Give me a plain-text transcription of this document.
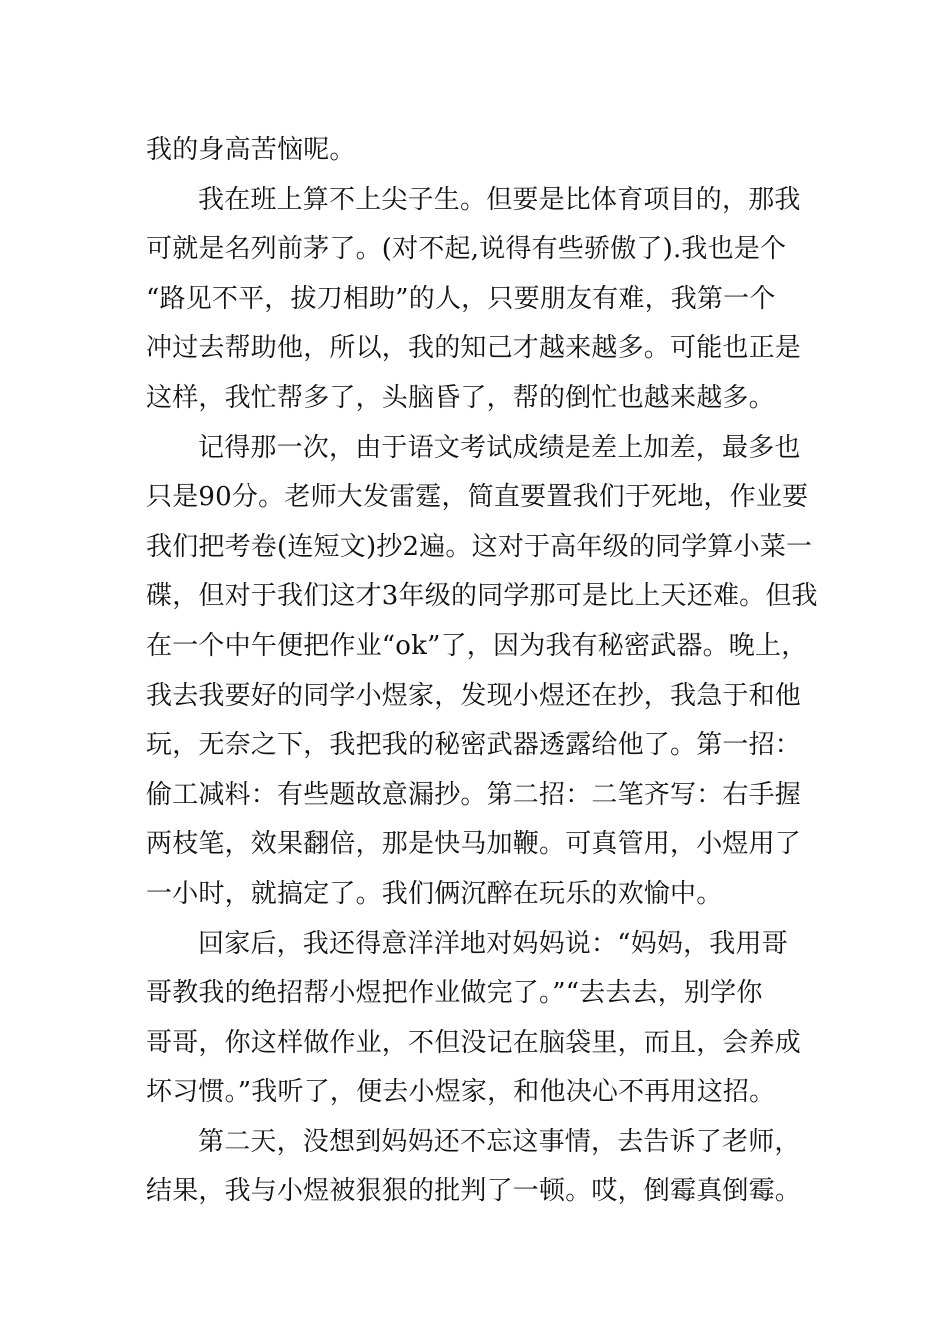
我的身高苦恼呢。
我在班上算不上尖子生。但要是比体育项目的，那我
可就是名列前茅了。(对不起,说得有些骄傲了).我也是个
“路见不平，拔刀相助”的人，只要朋友有难，我第一个
冲过去帮助他，所以，我的知己才越来越多。可能也正是
这样，我忙帮多了，头脑昏了，帮的倒忙也越来越多。
记得那一次，由于语文考试成绩是差上加差，最多也
只是90分。老师大发雷霆，简直要置我们于死地，作业要
我们把考卷(连短文)抄2遍。这对于高年级的同学算小菜一
碟，但对于我们这才3年级的同学那可是比上天还难。但我
在一个中午便把作业“ok”了，因为我有秘密武器。晚上，
我去我要好的同学小煜家，发现小煜还在抄，我急于和他
玩，无奈之下，我把我的秘密武器透露给他了。第一招：
偷工减料：有些题故意漏抄。第二招：二笔齐写：右手握
两枝笔，效果翻倍，那是快马加鞭。可真管用，小煜用了
一小时，就搞定了。我们俩沉醉在玩乐的欢愉中。
回家后，我还得意洋洋地对妈妈说：“妈妈，我用哥
哥教我的绝招帮小煜把作业做完了。”“去去去，别学你
哥哥，你这样做作业，不但没记在脑袋里，而且，会养成
坏习惯。”我听了，便去小煜家，和他决心不再用这招。
第二天，没想到妈妈还不忘这事情，去告诉了老师，
结果，我与小煜被狠狠的批判了一顿。哎，倒霉真倒霉。
